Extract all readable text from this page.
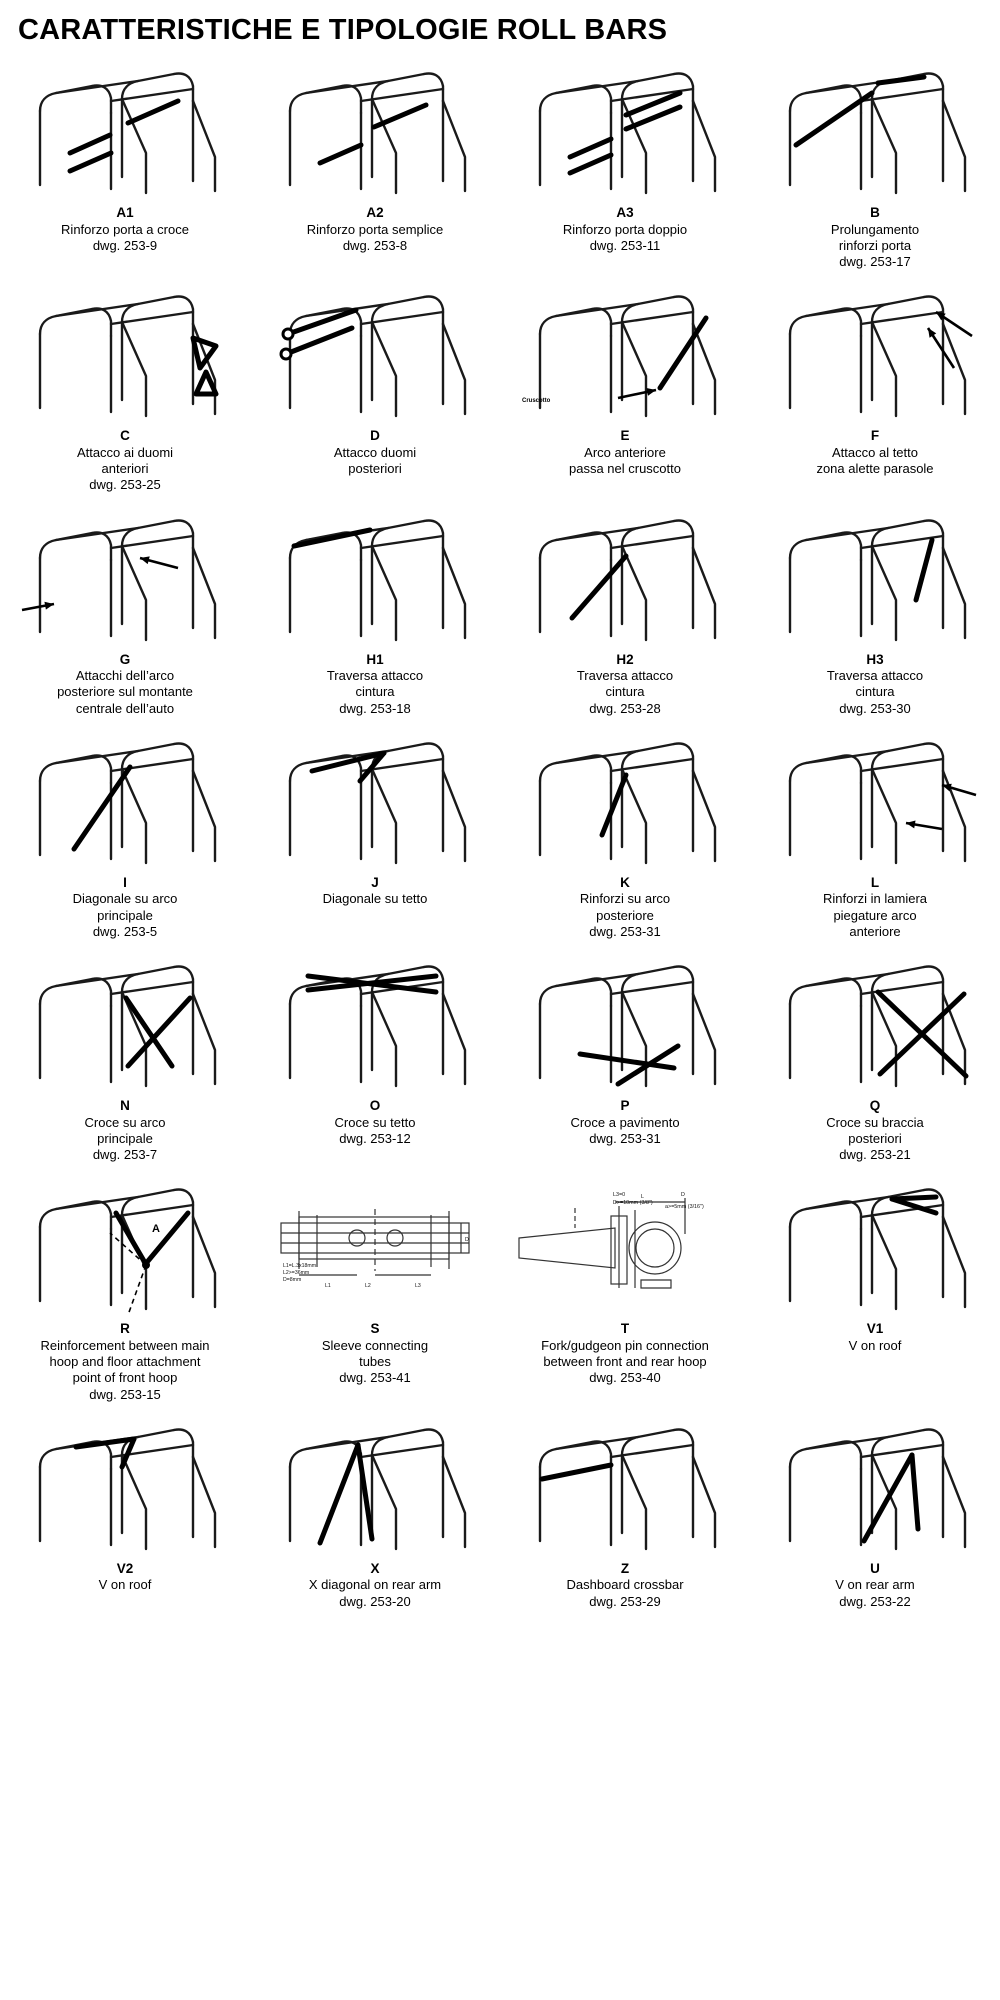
CARATTERISTICHE E TIPOLOGIE ROLL BARS
A1
Rinforzo porta a croce
dwg. 253-9
A2
Rinforzo porta semplice
dwg. 253-8
A3
Rinforzo porta doppio
dwg. 253-11
B
Prolungamento
rinforzi porta
dwg. 253-17
C
Attacco ai duomi
anteriori
dwg. 253-25
D
Attacco duomi
posteriori
Cruscotto
E
Arco anteriore
passa nel cruscotto
F
Attacco al tetto
zona alette parasole
G
Attacchi dell’arco
posteriore sul montante
centrale dell’auto
H1
Traversa attacco
cintura
dwg. 253-18
H2
Traversa attacco
cintura
dwg. 253-28
H3
Traversa attacco
cintura
dwg. 253-30
I
Diagonale su arco
principale
dwg. 253-5
J
Diagonale su tetto
K
Rinforzi su arco
posteriore
dwg. 253-31
L
Rinforzi in lamiera
piegature arco
anteriore
N
Croce su arco
principale
dwg. 253-7
O
Croce su tetto
dwg. 253-12
P
Croce a pavimento
dwg. 253-31
Q
Croce su braccia
posteriori
dwg. 253-21
A
R
Reinforcement between main
hoop and floor attachment
point of front hoop
dwg. 253-15
L1=L.3x18mm
L2>=36mm
D=8mm
L1	L2	L3
D
S
Sleeve connecting
tubes
dwg. 253-41
L3=0
D>=10mm (3/8")
L	D
a>=5mm (3/16")
T
Fork/gudgeon pin connection
between front and rear hoop
dwg. 253-40
V1
V on roof
V2
V on roof
X
X diagonal on rear arm
dwg. 253-20
Z
Dashboard crossbar
dwg. 253-29
U
V on rear arm
dwg. 253-22
